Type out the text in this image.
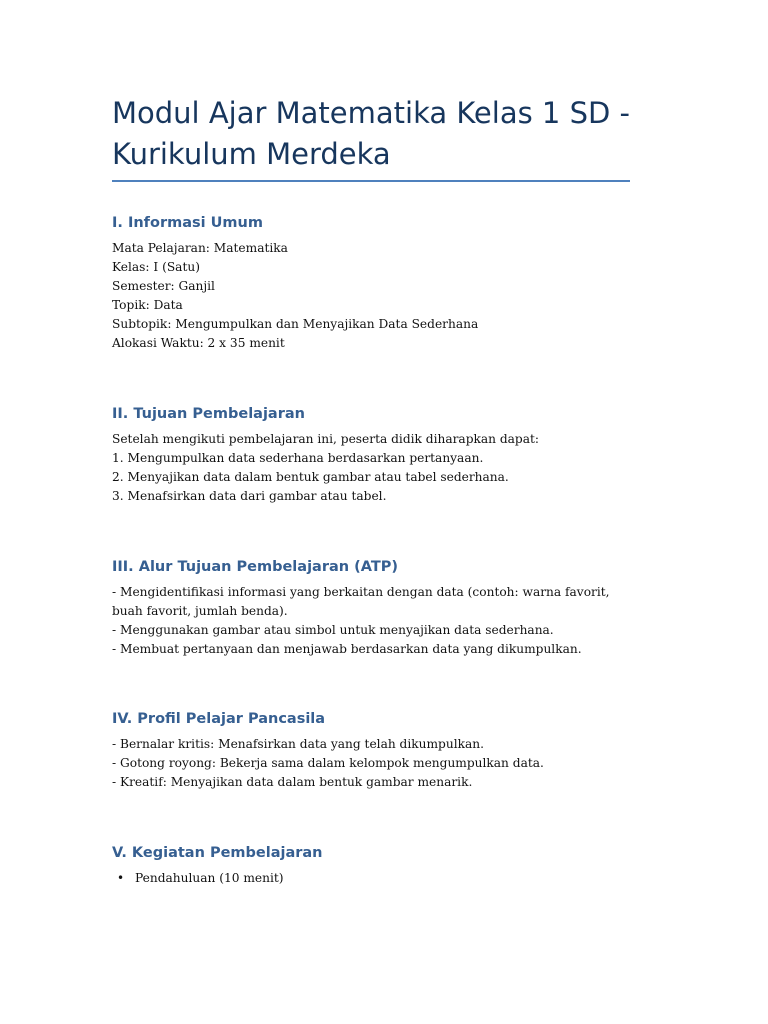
Modul Ajar Matematika Kelas 1 SD - Kurikulum Merdeka
I. Informasi Umum

Mata Pelajaran: Matematika

Kelas: I (Satu)

Semester: Ganjil

Topik: Data

Subtopik: Mengumpulkan dan Menyajikan Data Sederhana

Alokasi Waktu: 2 x 35 menit

II. Tujuan Pembelajaran

Setelah mengikuti pembelajaran ini, peserta didik diharapkan dapat:

1. Mengumpulkan data sederhana berdasarkan pertanyaan.

2. Menyajikan data dalam bentuk gambar atau tabel sederhana.

3. Menafsirkan data dari gambar atau tabel.

III. Alur Tujuan Pembelajaran (ATP)

- Mengidentifikasi informasi yang berkaitan dengan data (contoh: warna favorit, buah favorit, jumlah benda).

- Menggunakan gambar atau simbol untuk menyajikan data sederhana.

- Membuat pertanyaan dan menjawab berdasarkan data yang dikumpulkan.

IV. Profil Pelajar Pancasila

- Bernalar kritis: Menafsirkan data yang telah dikumpulkan.

- Gotong royong: Bekerja sama dalam kelompok mengumpulkan data.

- Kreatif: Menyajikan data dalam bentuk gambar menarik.

V. Kegiatan Pembelajaran
• Pendahuluan (10 menit)
